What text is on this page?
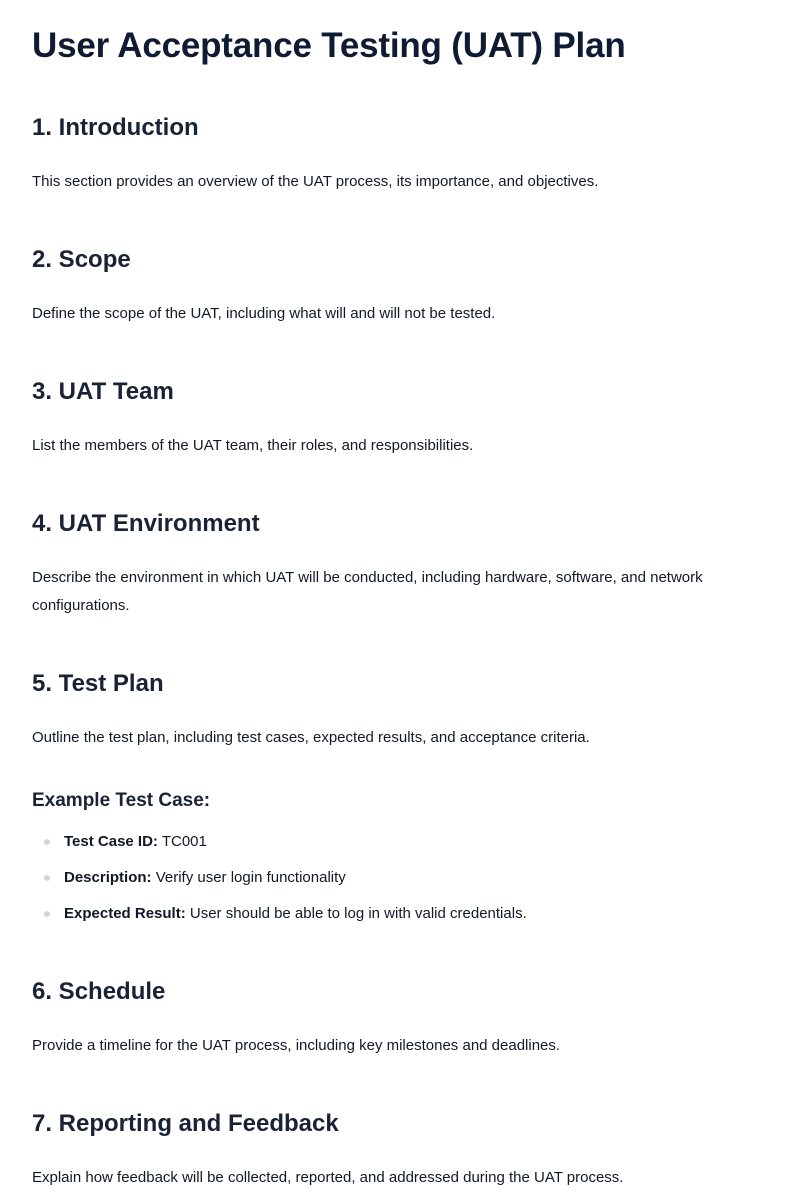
User Acceptance Testing (UAT) Plan
1. Introduction

This section provides an overview of the UAT process, its importance, and objectives.

2. Scope

Define the scope of the UAT, including what will and will not be tested.

3. UAT Team

List the members of the UAT team, their roles, and responsibilities.

4. UAT Environment

Describe the environment in which UAT will be conducted, including hardware, software, and network configurations.

5. Test Plan

Outline the test plan, including test cases, expected results, and acceptance criteria.

Example Test Case:
Test Case ID: TC001
Description: Verify user login functionality
Expected Result: User should be able to log in with valid credentials.
6. Schedule

Provide a timeline for the UAT process, including key milestones and deadlines.

7. Reporting and Feedback

Explain how feedback will be collected, reported, and addressed during the UAT process.
